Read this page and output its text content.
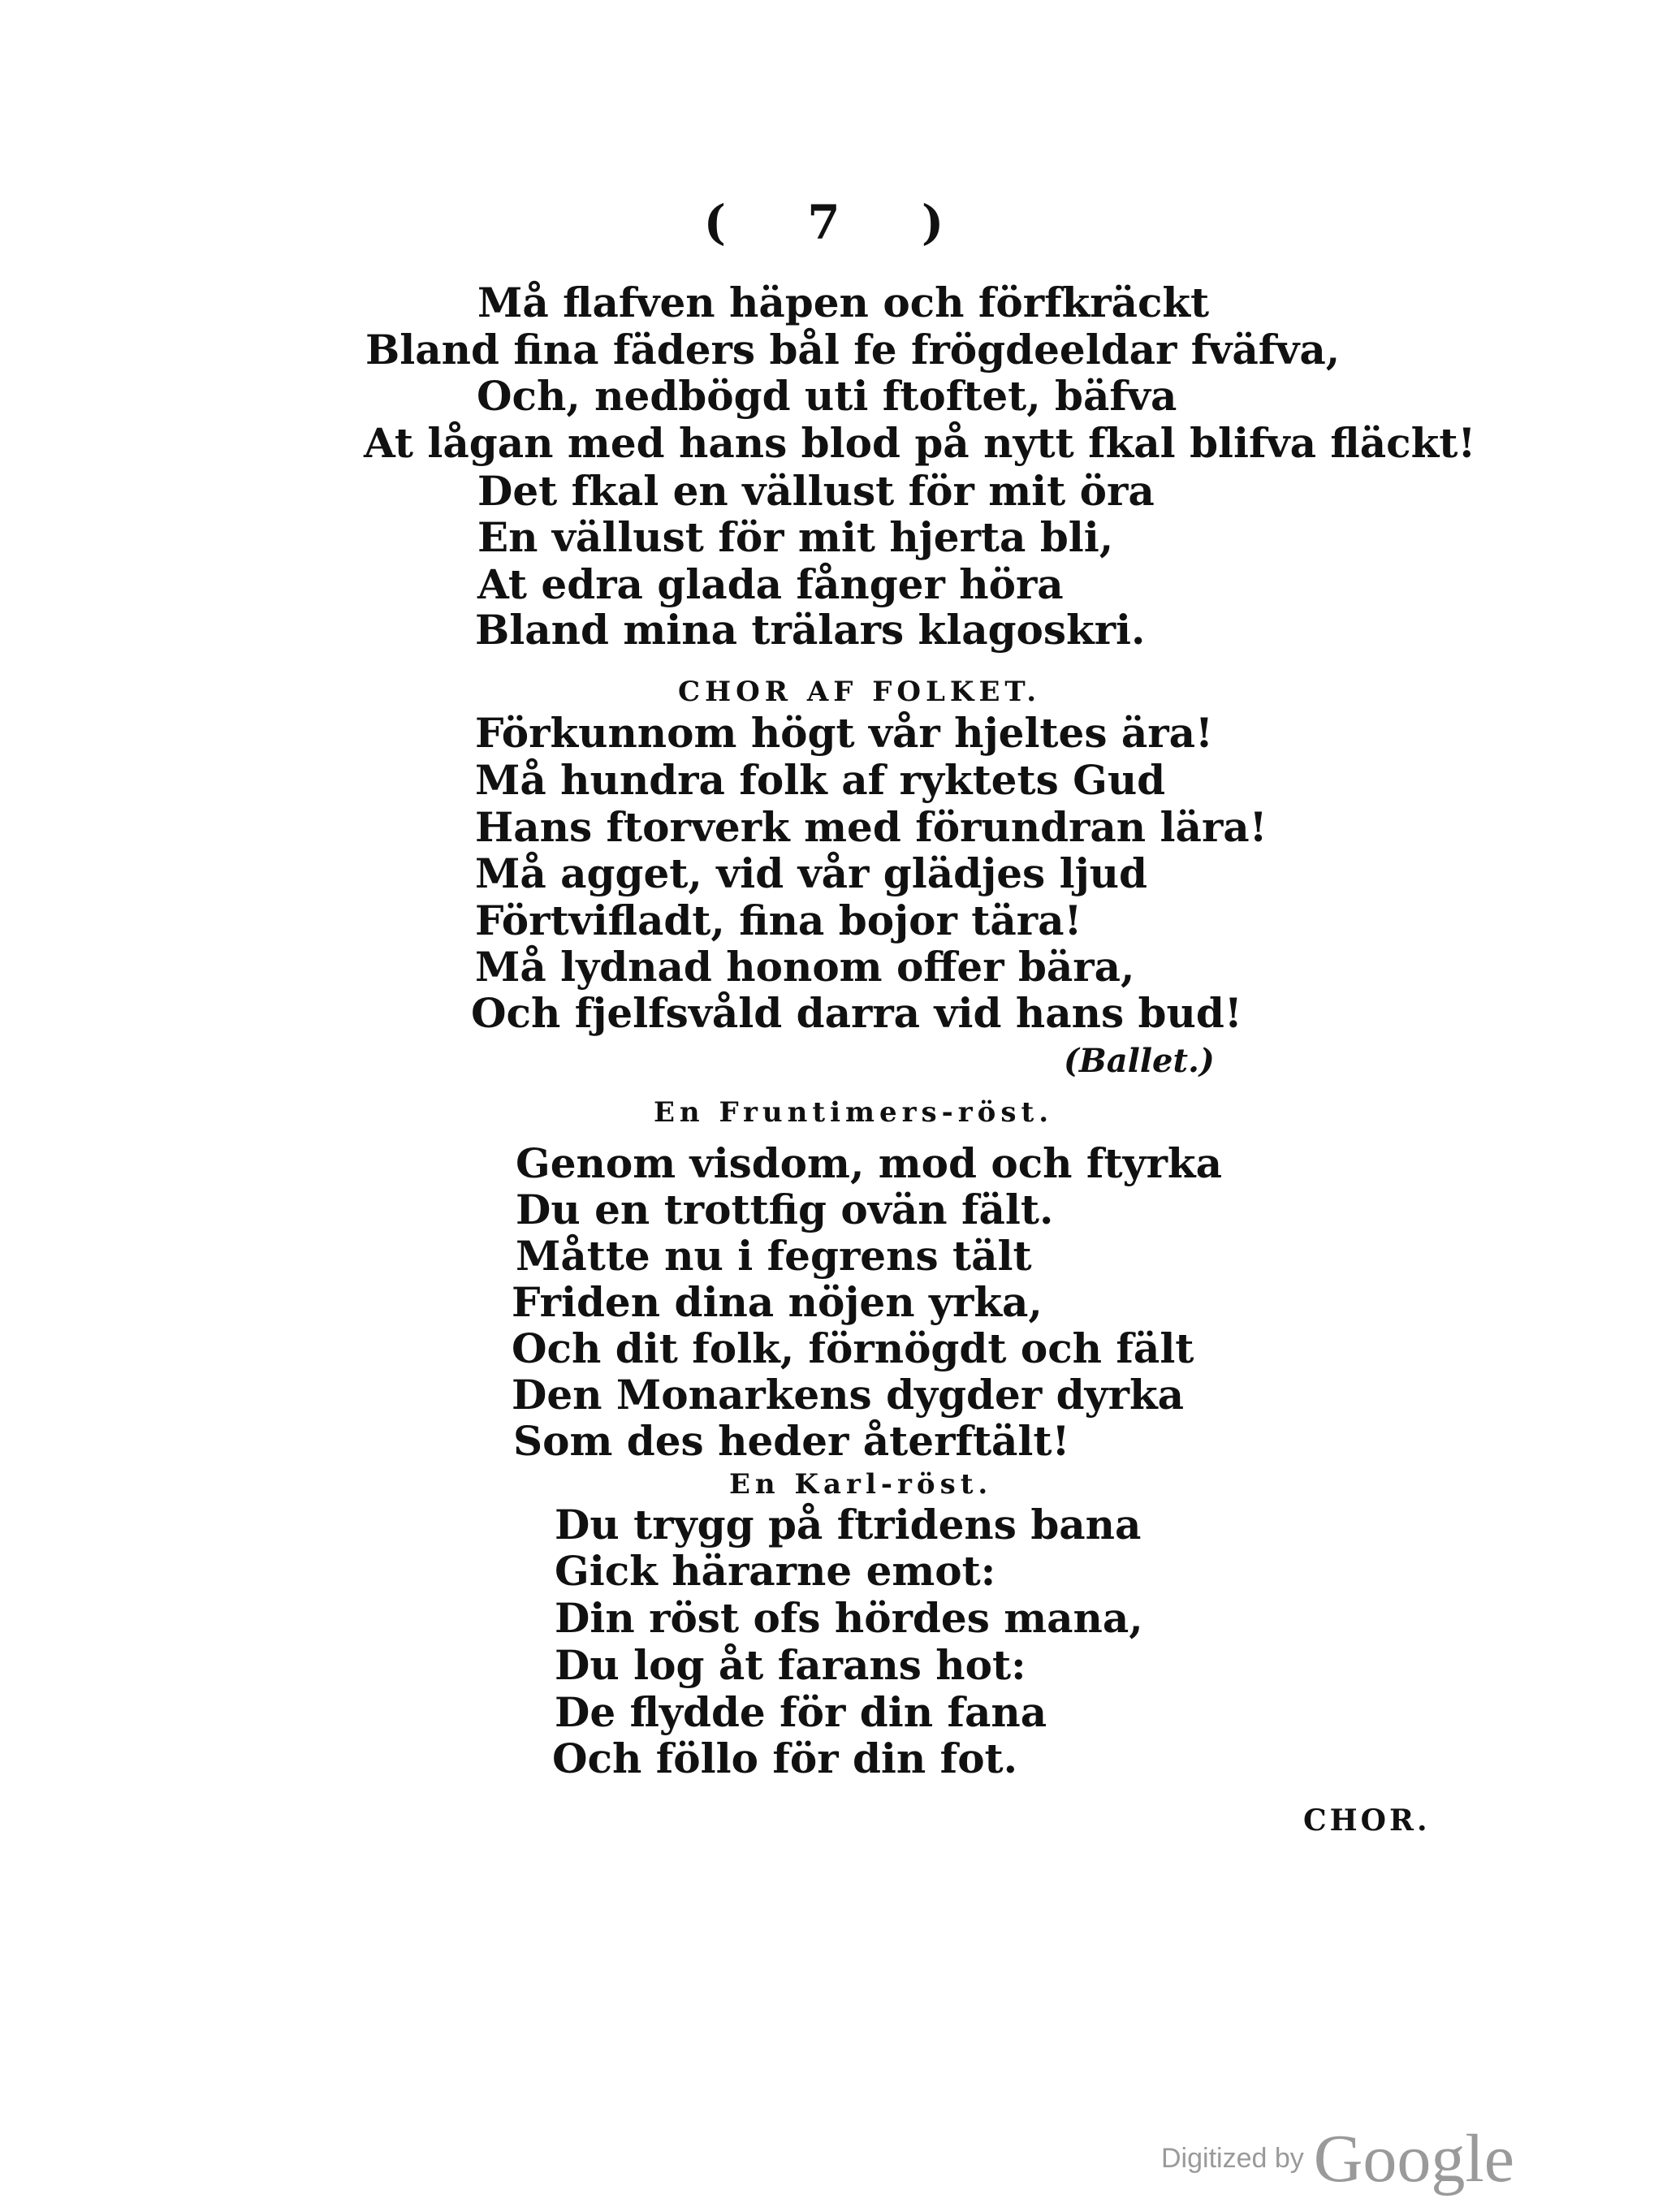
( 7 )
Må flafven häpen och förfkräckt
Bland fina fäders bål fe frögdeeldar fväfva,
Och, nedbögd uti ftoftet, bäfva
At lågan med hans blod på nytt fkal blifva fläckt!
Det fkal en vällust för mit öra
En vällust för mit hjerta bli,
At edra glada fånger höra
Bland mina trälars klagoskri.
CHOR AF FOLKET.
Förkunnom högt vår hjeltes ära!
Må hundra folk af ryktets Gud
Hans ftorverk med förundran lära!
Må agget, vid vår glädjes ljud
Förtvifladt, fina bojor tära!
Må lydnad honom offer bära,
Och fjelfsvåld darra vid hans bud!
(Ballet.)
En Fruntimers-röst.
Genom visdom, mod och ftyrka
Du en trottfig ovän fält.
Måtte nu i fegrens tält
Friden dina nöjen yrka,
Och dit folk, förnögdt och fält
Den Monarkens dygder dyrka
Som des heder återftält!
En Karl-röst.
Du trygg på ftridens bana
Gick härarne emot:
Din röst ofs hördes mana,
Du log åt farans hot:
De flydde för din fana
Och föllo för din fot.
CHOR.
Digitized by Google
